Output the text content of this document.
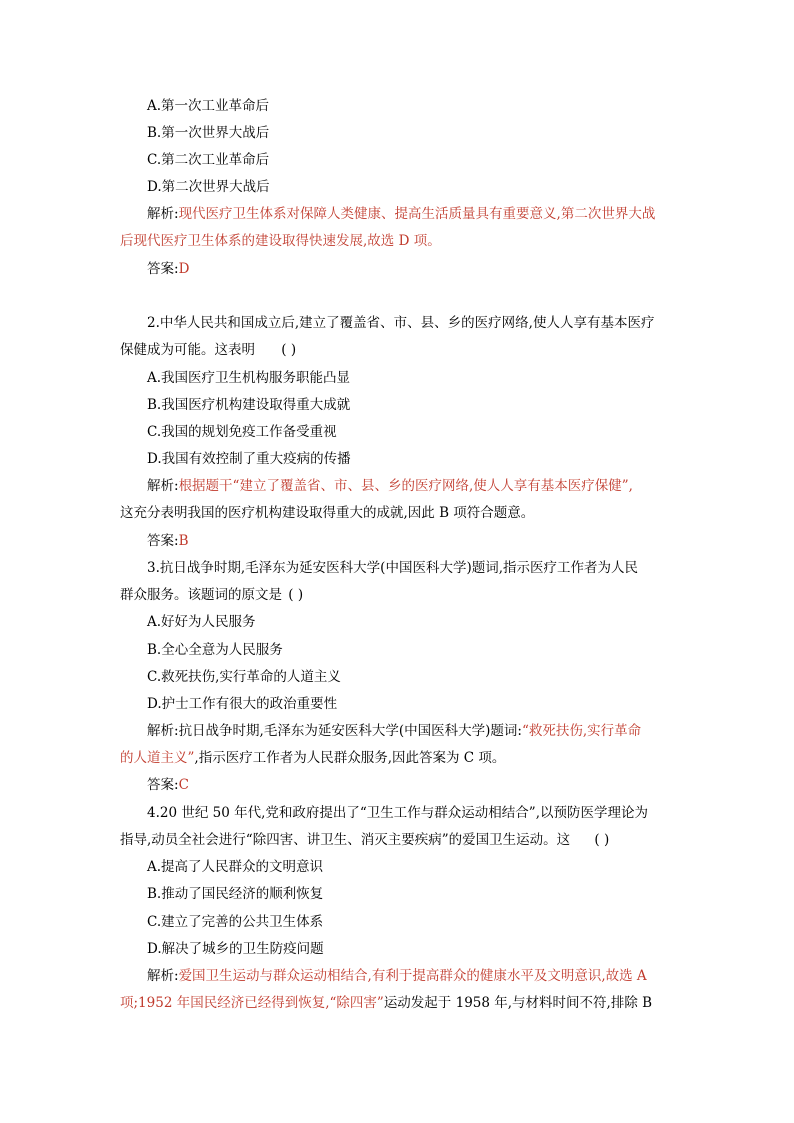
A.第一次工业革命后
B.第一次世界大战后
C.第二次工业革命后
D.第二次世界大战后
解析:现代医疗卫生体系对保障人类健康、提高生活质量具有重要意义,第二次世界大战
后现代医疗卫生体系的建设取得快速发展,故选 D 项。
答案:D
2.中华人民共和国成立后,建立了覆盖省、市、县、乡的医疗网络,使人人享有基本医疗
保健成为可能。这表明 ( )
A.我国医疗卫生机构服务职能凸显
B.我国医疗机构建设取得重大成就
C.我国的规划免疫工作备受重视
D.我国有效控制了重大疫病的传播
解析:根据题干“建立了覆盖省、市、县、乡的医疗网络,使人人享有基本医疗保健”,
这充分表明我国的医疗机构建设取得重大的成就,因此 B 项符合题意。
答案:B
3.抗日战争时期,毛泽东为延安医科大学(中国医科大学)题词,指示医疗工作者为人民
群众服务。该题词的原文是 ( )
A.好好为人民服务
B.全心全意为人民服务
C.救死扶伤,实行革命的人道主义
D.护士工作有很大的政治重要性
解析:抗日战争时期,毛泽东为延安医科大学(中国医科大学)题词:“救死扶伤,实行革命
的人道主义”,指示医疗工作者为人民群众服务,因此答案为 C 项。
答案:C
4.20 世纪 50 年代,党和政府提出了“卫生工作与群众运动相结合”,以预防医学理论为
指导,动员全社会进行“除四害、讲卫生、消灭主要疾病”的爱国卫生运动。这 ( )
A.提高了人民群众的文明意识
B.推动了国民经济的顺利恢复
C.建立了完善的公共卫生体系
D.解决了城乡的卫生防疫问题
解析:爱国卫生运动与群众运动相结合,有利于提高群众的健康水平及文明意识,故选 A
项;1952 年国民经济已经得到恢复,“除四害”运动发起于 1958 年,与材料时间不符,排除 B
